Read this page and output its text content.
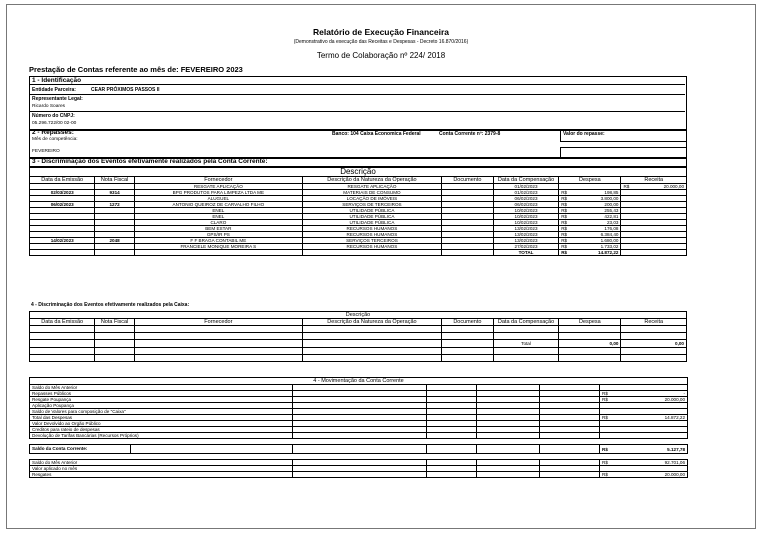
Relatório de Execução Financeira
(Demonstrativo da execução das Receitas e Despesas - Decreto 16.870/2016)
Termo de Colaboração nº 224/ 2018
Prestação de Contas referente ao mês de: FEVEREIRO 2023
1 - Identificação
Entidade Parceira:	CEAR PRÓXIMOS PASSOS II
Representante Legal:
Ricardo Soares
Número do CNPJ:
05.296.722/00 02-00
2 - Repasses:
Mês de competência:
FEVEREIRO
Banco: 104 Caixa Economica Federal	Conta Corrente nº: 2379-8	Valor do repasse:
3 - Discriminação dos Eventos efetivamente realizados pela Conta Corrente:
Descrição							
Data da Emissão	Nota Fiscal	Fornecedor	Descrição da Natureza da Operação	Documento	Data da Compensação	Despesa	Receita
		RESGATE APLICAÇÃO	RESGATE APLICAÇÃO		01/02/2023		R$ 20.000,00

02/03/2023	9314	BPG PRODUTOS PARA LIMPEZA LTDA ME	MATERIAIS DE CONSUMO		01/02/2023	R$ 198,85	

		ALUGUEL	LOCAÇÃO DE IMÓVEIS		06/02/2023	R$ 3.800,00	

06/02/2023	1272	ANTONIO QUEIROZ DE CARVALHO FILHO	SERVIÇOS DE TERCEIROS		06/02/2023	R$ 200,00	

		ENEL	UTILIDADE PÚBLICA		10/02/2023	R$ 255,43	

		ENEL	UTILIDADE PÚBLICA		10/02/2023	R$ 422,81	

		CLARO	UTILIDADE PÚBLICA		10/02/2023	R$ 23,03	

		BEM ESTAR	RECURSOS HUMANOS		13/02/2023	R$ 176,08	

		GPS/IR PS	RECURSOS HUMANOS		13/02/2023	R$ 6.384,40	

14/02/2023	2048	F F BRAGA CONTABIL ME	SERVIÇOS TERCEIROS		13/02/2023	R$ 1.680,00	

		FRANCIELE MONIQUE MOREIRA S	RECURSOS HUMANOS		27/02/2023	R$ 1.733,02	

					TOTAL	R$ 14.872,22	

4 - Discriminação dos Eventos efetivamente realizados pela Caixa:
Descrição							
Data da Emissão	Nota Fiscal	Fornecedor	Descrição da Natureza da Operação	Documento	Data da Compensação	Despesa	Receita

					Total	0,00	0,00

4 - Movimentação da Conta Corrente						
Saldo do Mês Anterior						

Repasses Públicos						R$ -

Resgate Poupança						R$ 20.000,00

Aplicação Poupança						

Saldo de Valores para composição de "Caixa"						

Total das Despesas						R$ 14.872,22

Valor Devolvido ao Orgão Público						

Creditos para rateio de despesas						

Devolução de Tarifas Bancárias (Recursos Próprios)						

Saldo da Conta Corrente:						R$ 5.127,78

Saldo do Mês Anterior						R$ 92.701,06

Valor aplicado no mês						

Resgates						R$ 20.000,00
